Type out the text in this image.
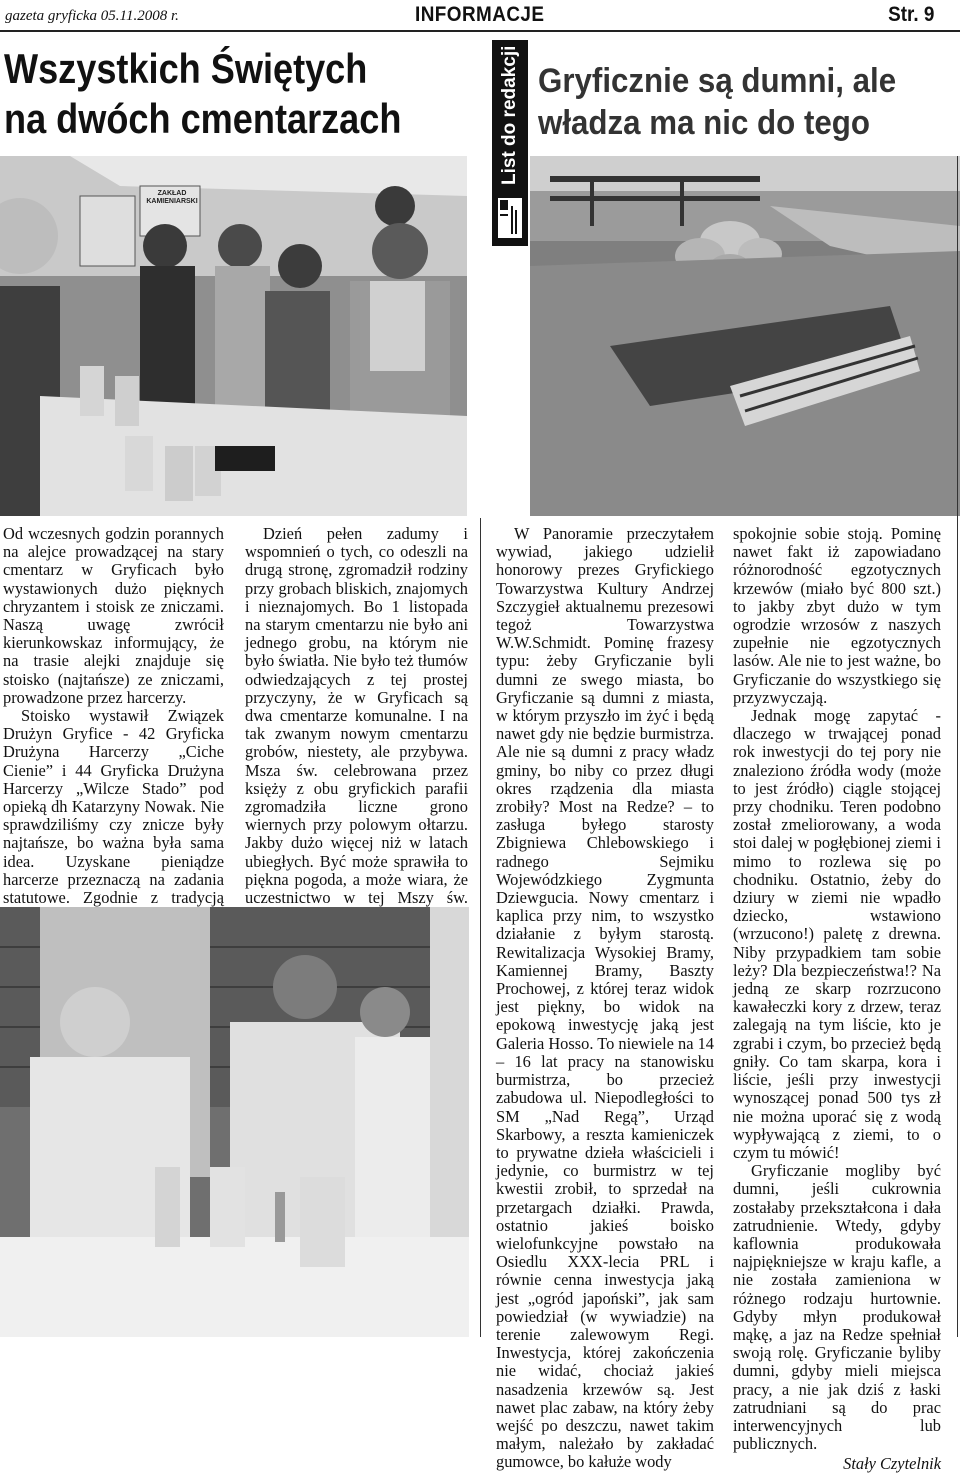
gazeta gryficka 05.11.2008 r.	INFORMACJE	Str. 9
Wszystkich Świętych na dwóch cmentarzach
ZAKŁAD KAMIENIARSKI
List do redakcji Gryficznie są dumni, ale władza ma nic do tego

Od wczesnych godzin porannych na alejce prowadzącej na stary cmentarz w Gryficach było wystawionych dużo pięknych chryzantem i stoisk ze zniczami. Naszą uwagę zwrócił kierunkowskaz informujący, że na trasie alejki znajduje się stoisko (najtańsze) ze zniczami, prowadzone przez harcerzy.

Stoisko wystawił Związek Drużyn Gryfice - 42 Gryficka Drużyna Harcerzy „Ciche Cienie” i 44 Gryficka Drużyna Harcerzy „Wilcze Stado” pod opieką dh Katarzyny Nowak. Nie sprawdziliśmy czy znicze były najtańsze, bo ważna była sama idea. Uzyskane pieniądze harcerze przeznaczą na zadania statutowe. Zgodnie z tradycją

Dzień pełen zadumy i wspomnień o tych, co odeszli na drugą stronę, zgromadził rodziny przy grobach bliskich, znajomych i nieznajomych. Bo 1 listopada na starym cmentarzu nie było ani jednego grobu, na którym nie było światła. Nie było też tłumów odwiedzających z tej prostej przyczyny, że w Gryficach są dwa cmentarze komunalne. I na tak zwanym nowym cmentarzu grobów, niestety, ale przybywa. Msza św. celebrowana przez księży z obu gryfickich parafii zgromadziła liczne grono wiernych przy polowym ołtarzu. Jakby dużo więcej niż w latach ubiegłych. Być może sprawiła to piękna pogoda, a może wiara, że uczestnictwo w tej Mszy św.

W Panoramie przeczytałem wywiad, jakiego udzielił honorowy prezes Gryfickiego Towarzystwa Kultury Andrzej Szczygieł aktualnemu prezesowi tegoż Towarzystwa W.W.Schmidt. Pominę frazesy typu: żeby Gryficzanie byli dumni ze swego miasta, bo Gryficzanie są dumni z miasta, w którym przyszło im żyć i będą nawet gdy nie będzie burmistrza. Ale nie są dumni z pracy władz gminy, bo niby co przez długi okres rządzenia dla miasta zrobiły? Most na Redze? – to zasługa byłego starosty Zbigniewa Chlebowskiego i radnego Sejmiku Wojewódzkiego Zygmunta Dziewgucia. Nowy cmentarz i kaplica przy nim, to wszystko działanie z byłym starostą. Rewitalizacja Wysokiej Bramy, Kamiennej Bramy, Baszty Prochowej, z której teraz widok jest piękny, bo widok na epokową inwestycję jaką jest Galeria Hosso. To niewiele na 14 – 16 lat pracy na stanowisku burmistrza, bo przecież zabudowa ul. Niepodległości to SM „Nad Regą”, Urząd Skarbowy, a reszta kamieniczek to prywatne dzieła właścicieli i jedynie, co burmistrz w tej kwestii zrobił, to sprzedał na przetargach działki. Prawda, ostatnio jakieś boisko wielofunkcyjne powstało na Osiedlu XXX-lecia PRL i równie cenna inwestycja jaką jest „ogród japoński”, jak sam powiedział (w wywiadzie) na terenie zalewowym Regi. Inwestycja, której zakończenia nie widać, chociaż jakieś nasadzenia krzewów są. Jest nawet plac zabaw, na który żeby wejść po deszczu, nawet takim małym, należało by zakładać gumowce, bo kałuże wody

spokojnie sobie stoją. Pominę nawet fakt iż zapowiadano różnorodność egzotycznych krzewów (miało być 800 szt.) to jakby zbyt dużo w tym ogrodzie wrzosów z naszych zupełnie nie egzotycznych lasów. Ale nie to jest ważne, bo Gryficzanie do wszystkiego się przyzwyczają.

Jednak mogę zapytać - dlaczego w trwającej ponad rok inwestycji do tej pory nie znaleziono źródła wody (może to jest źródło) ciągle stojącej przy chodniku. Teren podobno został zmeliorowany, a woda stoi dalej w pogłębionej ziemi i mimo to rozlewa się po chodniku. Ostatnio, żeby do dziury w ziemi nie wpadło dziecko, wstawiono (wrzucono!) paletę z drewna. Niby przypadkiem tam sobie leży? Dla bezpieczeństwa!? Na jedną ze skarp rozrzucono kawałeczki kory z drzew, teraz zalegają na tym liście, kto je zgrabi i czym, bo przecież będą gniły. Co tam skarpa, kora i liście, jeśli przy inwestycji wynoszącej ponad 500 tys zł nie można uporać się z wodą wypływającą z ziemi, to o czym tu mówić!

Gryficzanie mogliby być dumni, jeśli cukrownia zostałaby przekształcona i dała zatrudnienie. Wtedy, gdyby kaflownia produkowała najpiękniejsze w kraju kafle, a nie została zamieniona w różnego rodzaju hurtownie. Gdyby młyn produkował mąkę, a jaz na Redze spełniał swoją rolę. Gryficzanie byliby dumni, gdyby mieli miejsca pracy, a nie jak dziś z łaski zatrudniani są do prac interwencyjnych lub publicznych.

Stały Czytelnik
